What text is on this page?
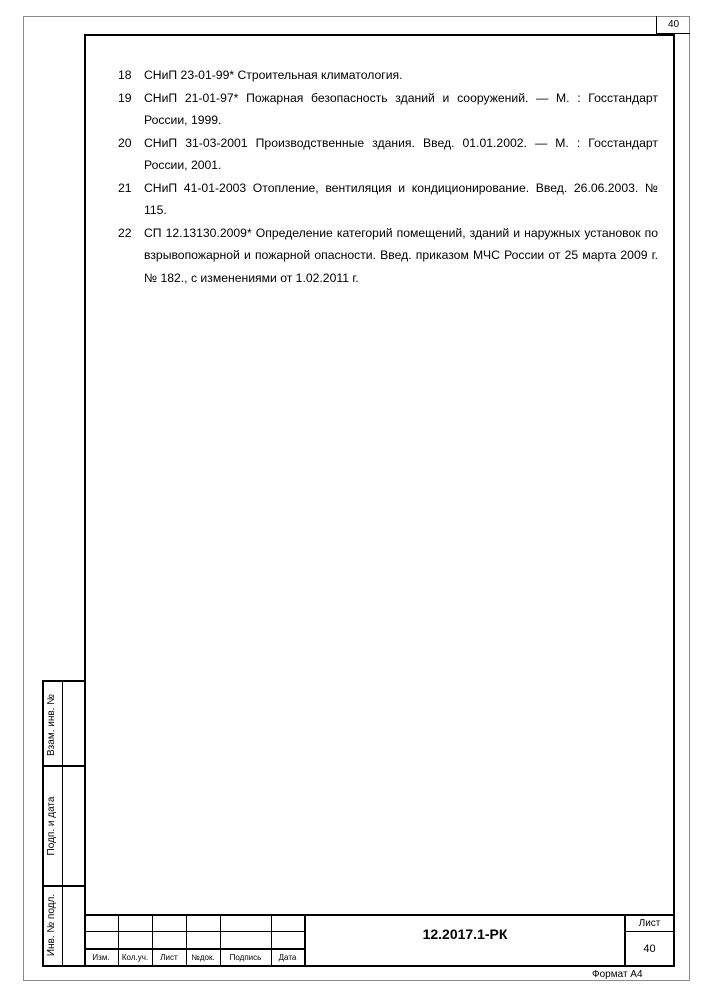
40
18	СНиП 23-01-99* Строительная климатология.
19	СНиП 21-01-97* Пожарная безопасность зданий и сооружений. — М. : Госстандарт России, 1999.
20	СНиП 31-03-2001 Производственные здания. Введ. 01.01.2002. — М. : Госстандарт России, 2001.
21	СНиП 41-01-2003 Отопление, вентиляция и кондиционирование. Введ. 26.06.2003. № 115.
22	СП 12.13130.2009* Определение категорий помещений, зданий и наружных установок по взрывопожарной и пожарной опасности. Введ. приказом МЧС России от 25 марта 2009 г. № 182., с изменениями от 1.02.2011 г.
Взам. инв. №
Подп. и дата
Инв. № подл.
Изм.	Кол.уч.	Лист	№док.	Подпись	Дата
12.2017.1-РК
Лист
40
Формат А4
